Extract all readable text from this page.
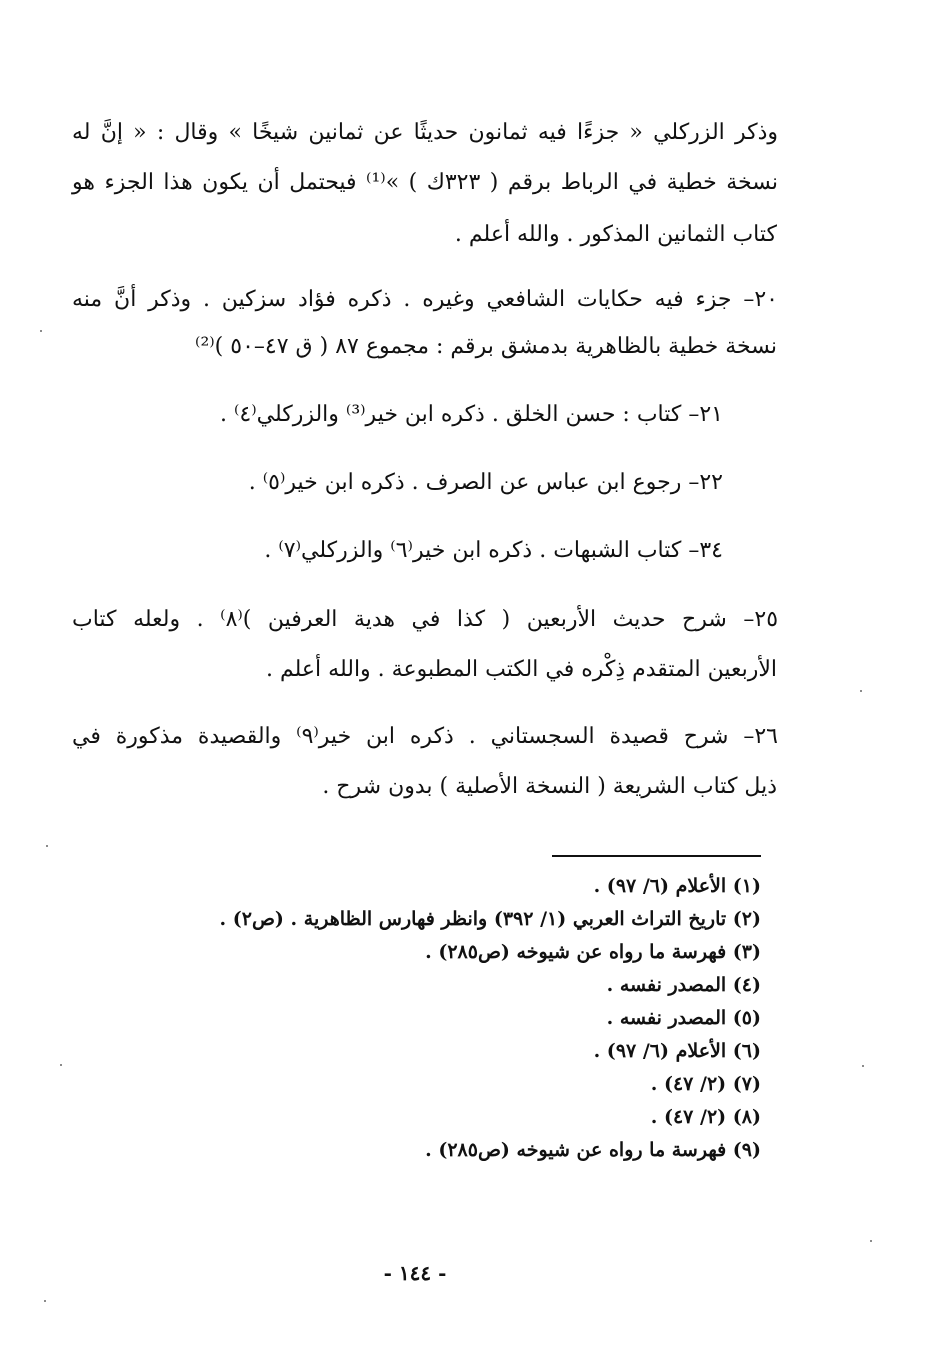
وذكر الزركلي « جزءًا فيه ثمانون حديثًا عن ثمانين شيخًا » وقال : « إنَّ له
نسخة خطية في الرباط برقم ( ٣٢٣ك ) »⁽¹⁾ فيحتمل أن يكون هذا الجزء هو
كتاب الثمانين المذكور . والله أعلم .
٢٠– جزء فيه حكايات الشافعي وغيره . ذكره فؤاد سزكين . وذكر أنَّ منه
نسخة خطية بالظاهرية بدمشق برقم : مجموع ٨٧ ( ق ٤٧–٥٠ )⁽²⁾
٢١– كتاب : حسن الخلق . ذكره ابن خير⁽³⁾ والزركلي⁽٤⁾ .
٢٢– رجوع ابن عباس عن الصرف . ذكره ابن خير⁽٥⁾ .
٣٤– كتاب الشبهات . ذكره ابن خير⁽٦⁾ والزركلي⁽٧⁾ .
٢٥– شرح حديث الأربعين ( كذا في هدية العرفين )⁽٨⁾ . ولعله كتاب
الأربعين المتقدم ذِكْره في الكتب المطبوعة . والله أعلم .
٢٦– شرح قصيدة السجستاني . ذكره ابن خير⁽٩⁾ والقصيدة مذكورة في
ذيل كتاب الشريعة ( النسخة الأصلية ) بدون شرح .
(١) الأعلام (٦/ ٩٧) .
(٢) تاريخ التراث العربي (١/ ٣٩٢) وانظر فهارس الظاهرية . (ص٢) .
(٣) فهرسة ما رواه عن شيوخه (ص٢٨٥) .
(٤) المصدر نفسه .
(٥) المصدر نفسه .
(٦) الأعلام (٦/ ٩٧) .
(٧) (٢/ ٤٧) .
(٨) (٢/ ٤٧) .
(٩) فهرسة ما رواه عن شيوخه (ص٢٨٥) .
- ١٤٤ -
